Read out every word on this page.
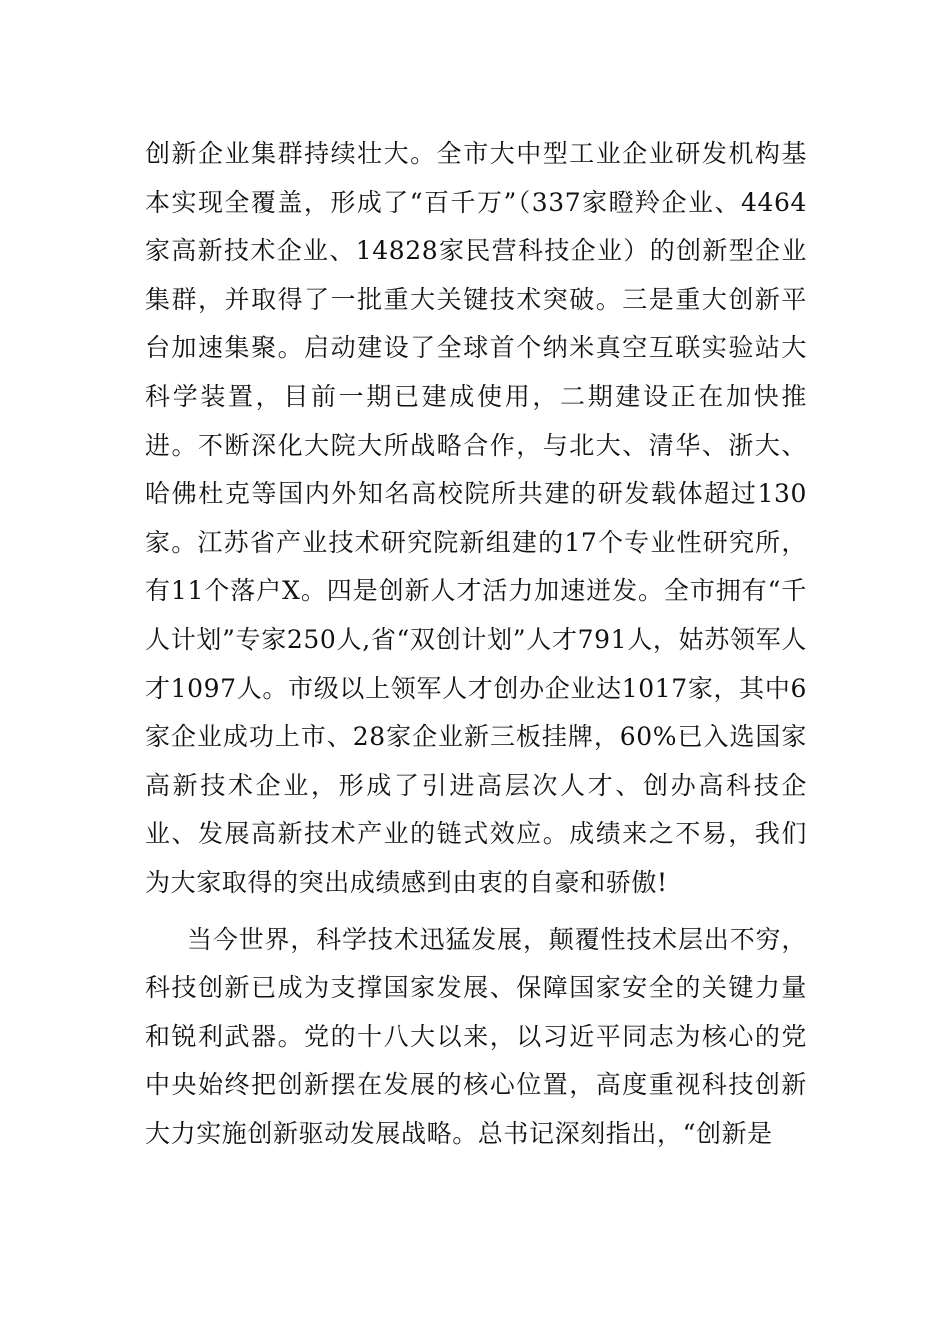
创新企业集群持续壮大。全市大中型工业企业研发机构基本实现全覆盖，形成了“百千万”（337家瞪羚企业、4464家高新技术企业、14828家民营科技企业）的创新型企业集群，并取得了一批重大关键技术突破。三是重大创新平台加速集聚。启动建设了全球首个纳米真空互联实验站大科学装置，目前一期已建成使用，二期建设正在加快推进。不断深化大院大所战略合作，与北大、清华、浙大、哈佛杜克等国内外知名高校院所共建的研发载体超过130家。江苏省产业技术研究院新组建的17个专业性研究所，有11个落户X。四是创新人才活力加速迸发。全市拥有“千人计划”专家250人,省“双创计划”人才791人，姑苏领军人才1097人。市级以上领军人才创办企业达1017家，其中6家企业成功上市、28家企业新三板挂牌，60%已入选国家高新技术企业，形成了引进高层次人才、创办高科技企业、发展高新技术产业的链式效应。成绩来之不易，我们为大家取得的突出成绩感到由衷的自豪和骄傲!

当今世界，科学技术迅猛发展，颠覆性技术层出不穷，科技创新已成为支撑国家发展、保障国家安全的关键力量和锐利武器。党的十八大以来，以习近平同志为核心的党中央始终把创新摆在发展的核心位置，高度重视科技创新大力实施创新驱动发展战略。总书记深刻指出，“创新是
